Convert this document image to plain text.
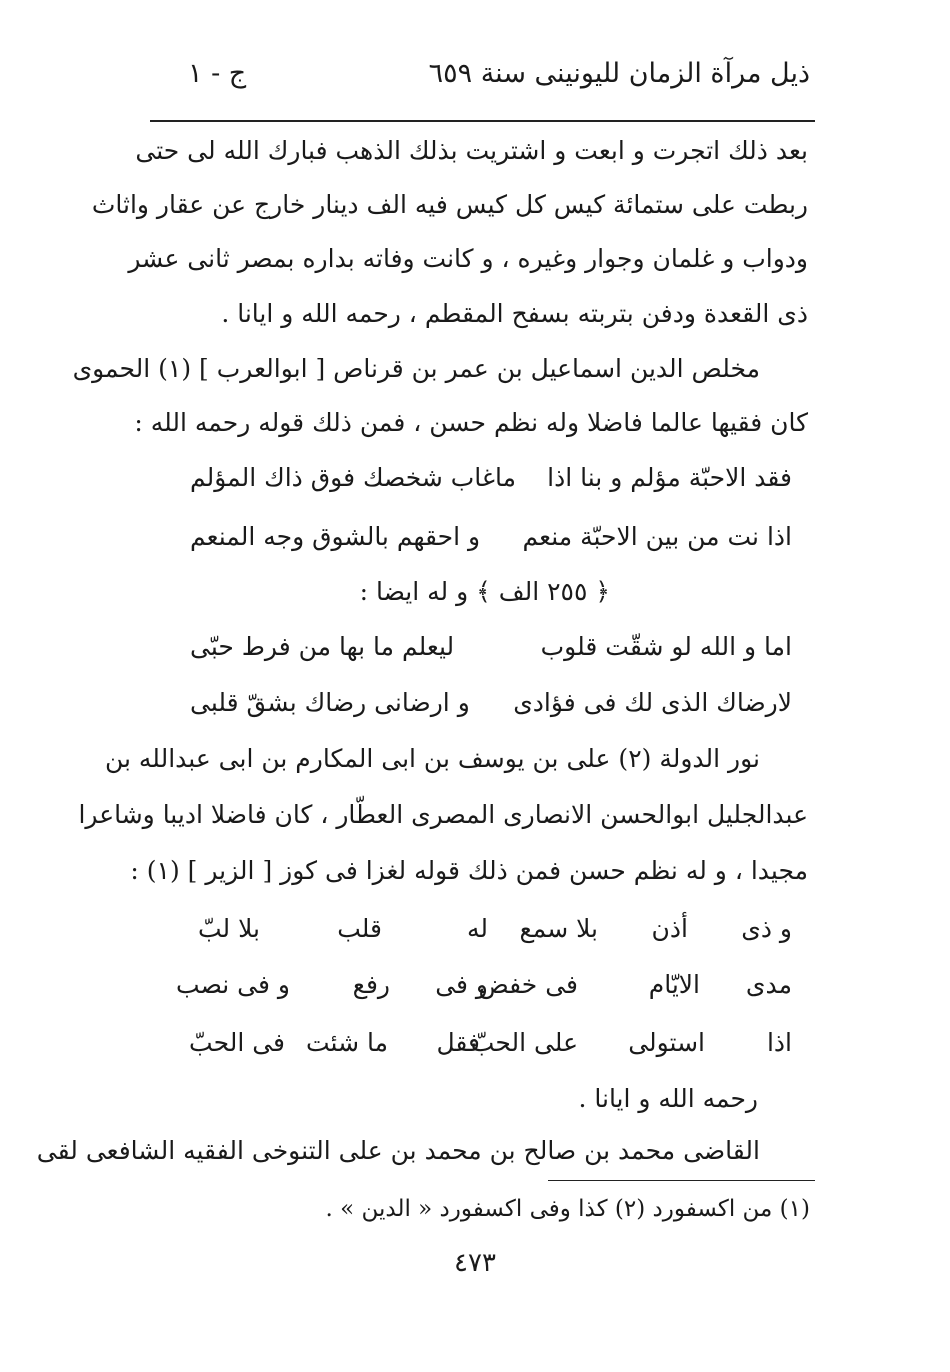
ذيل مرآة الزمان لليونينى سنة ٦٥٩
ج - ١
بعد ذلك اتجرت و ابعت و اشتريت بذلك الذهب فبارك الله لى حتى
ربطت على ستمائة كيس كل كيس فيه الف دينار خارج عن عقار واثاث
ودواب و غلمان وجوار وغيره ، و كانت وفاته بداره بمصر ثانى عشر
ذى القعدة ودفن بتربته بسفح المقطم ، رحمه الله و ايانا .
مخلص الدين اسماعيل بن عمر بن قرناص [ ابوالعرب ] (١) الحموى
كان فقيها عالما فاضلا وله نظم حسن ، فمن ذلك قوله رحمه الله :
فقد الاحبّة مؤلم و بنا اذا
ماغاب شخصك فوق ذاك المؤلم
اذا نت من بين الاحبّة منعم
و احقهم بالشوق وجه المنعم
﴿ ٢٥٥ الف ﴾ و له ايضا :
اما و الله لو شقّت قلوب
ليعلم ما بها من فرط حبّى
لارضاك الذى لك فى فؤادى
و ارضانى رضاك بشقّ قلبى
نور الدولة (٢) على بن يوسف بن ابى المكارم بن ابى عبدالله بن
عبدالجليل ابوالحسن الانصارى المصرى العطّار ، كان فاضلا اديبا وشاعرا
مجيدا ، و له نظم حسن فمن ذلك قوله لغزا فى كوز [ الزير ] (١) :
و ذى
أذن
بلا سمع
له
قلب
بلا لبّ
مدى
الايّام
فى خفض
و فى
رفع
و فى نصب
اذا
استولى
على الحبّ
فقل
ما شئت
فى الحبّ
رحمه الله و ايانا .
القاضى محمد بن صالح بن محمد بن على التنوخى الفقيه الشافعى لقى
(١) من اكسفورد (٢) كذا وفى اكسفورد « الدين » .
٤٧٣
